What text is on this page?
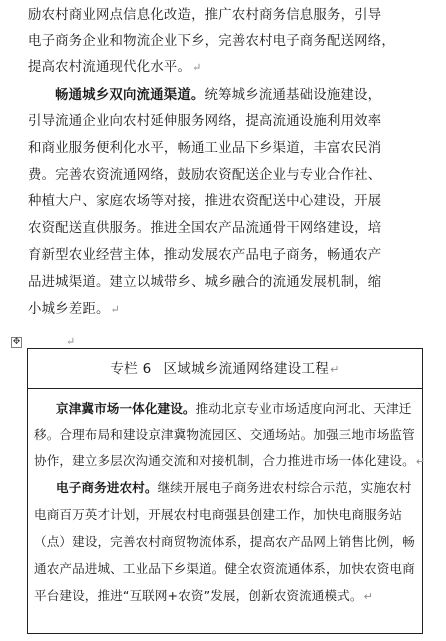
励农村商业网点信息化改造，推广农村商务信息服务，引导
电子商务企业和物流企业下乡，完善农村电子商务配送网络，
提高农村流通现代化水平。↵
畅通城乡双向流通渠道。统筹城乡流通基础设施建设，
引导流通企业向农村延伸服务网络，提高流通设施利用效率
和商业服务便利化水平，畅通工业品下乡渠道，丰富农民消
费。完善农资流通网络，鼓励农资配送企业与专业合作社、
种植大户、家庭农场等对接，推进农资配送中心建设，开展
农资配送直供服务。推进全国农产品流通骨干网络建设，培
育新型农业经营主体，推动发展农产品电子商务，畅通农产
品进城渠道。建立以城带乡、城乡融合的流通发展机制，缩
小城乡差距。↵
✥	↵
专栏 6 区域城乡流通网络建设工程↵
京津冀市场一体化建设。推动北京专业市场适度向河北、天津迁
移。合理布局和建设京津冀物流园区、交通场站。加强三地市场监管
协作，建立多层次沟通交流和对接机制，合力推进市场一体化建设。↵
电子商务进农村。继续开展电子商务进农村综合示范，实施农村
电商百万英才计划，开展农村电商强县创建工作，加快电商服务站
（点）建设，完善农村商贸物流体系，提高农产品网上销售比例，畅
通农产品进城、工业品下乡渠道。健全农资流通体系，加快农资电商
平台建设，推进“互联网+农资”发展，创新农资流通模式。↵
